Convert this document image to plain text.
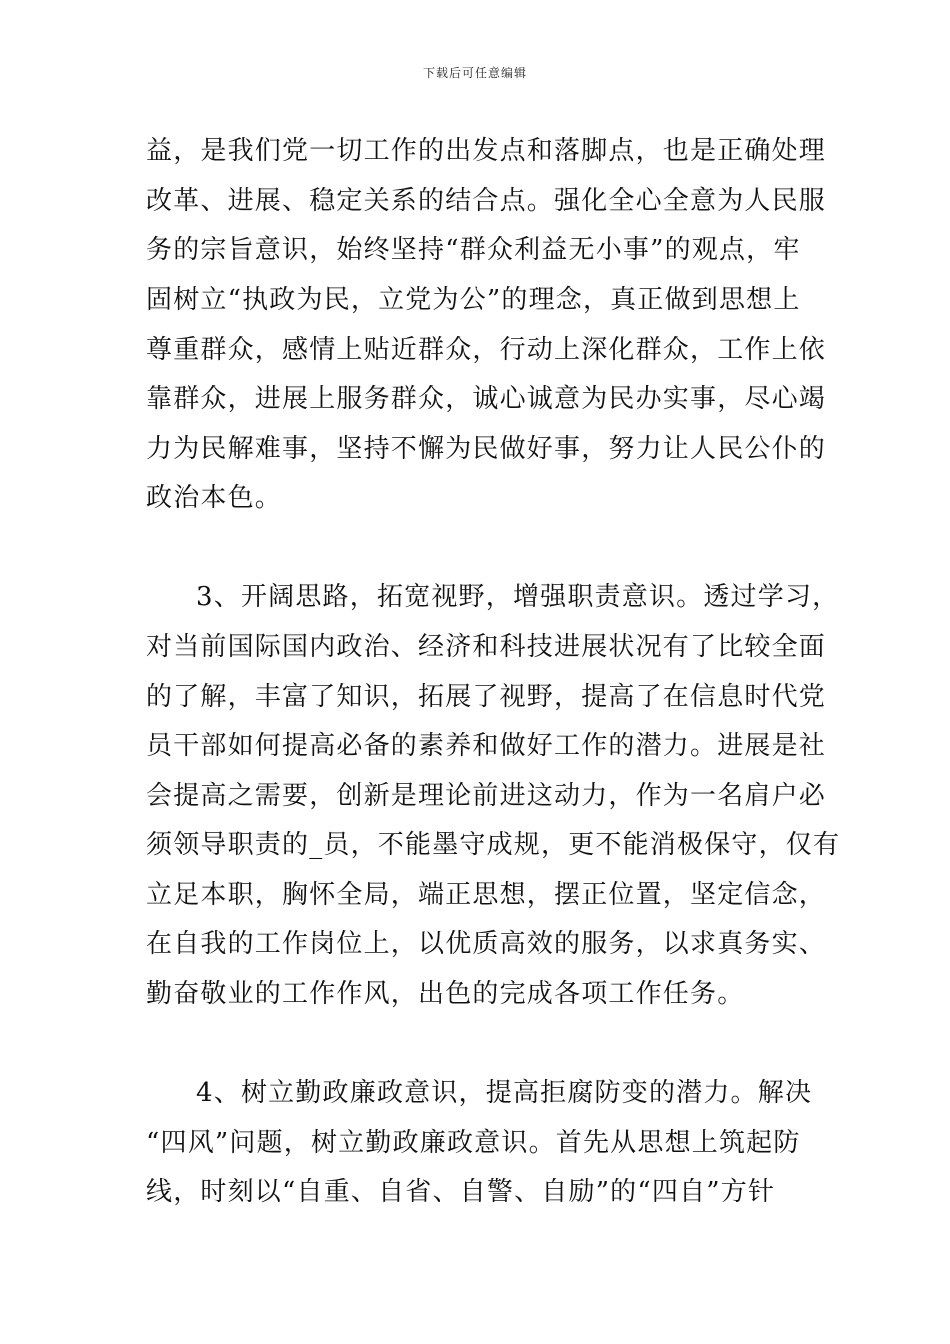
下载后可任意编辑
益，是我们党一切工作的出发点和落脚点，也是正确处理
改革、进展、稳定关系的结合点。强化全心全意为人民服
务的宗旨意识，始终坚持“群众利益无小事”的观点，牢
固树立“执政为民，立党为公”的理念，真正做到思想上
尊重群众，感情上贴近群众，行动上深化群众，工作上依
靠群众，进展上服务群众，诚心诚意为民办实事，尽心竭
力为民解难事，坚持不懈为民做好事，努力让人民公仆的
政治本色。
3、开阔思路，拓宽视野，增强职责意识。透过学习，
对当前国际国内政治、经济和科技进展状况有了比较全面
的了解，丰富了知识，拓展了视野，提高了在信息时代党
员干部如何提高必备的素养和做好工作的潜力。进展是社
会提高之需要，创新是理论前进这动力，作为一名肩户必
须领导职责的_员，不能墨守成规，更不能消极保守，仅有
立足本职，胸怀全局，端正思想，摆正位置，坚定信念，
在自我的工作岗位上，以优质高效的服务，以求真务实、
勤奋敬业的工作作风，出色的完成各项工作任务。
4、树立勤政廉政意识，提高拒腐防变的潜力。解决
“四风”问题，树立勤政廉政意识。首先从思想上筑起防
线，时刻以“自重、自省、自警、自励”的“四自”方针
